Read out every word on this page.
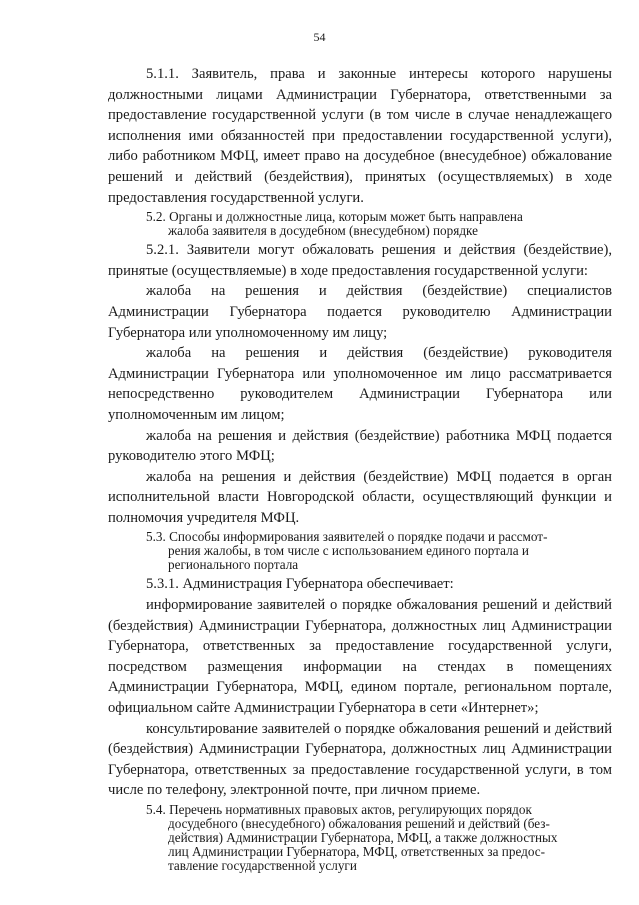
54

5.1.1. Заявитель, права и законные интересы которого нарушены должностными лицами Администрации Губернатора, ответственными за предоставление государственной услуги (в том числе в случае ненадлежащего исполнения ими обязанностей при предоставлении государственной услуги), либо работником МФЦ, имеет право на досудебное (внесудебное) обжалование решений и действий (бездействия), принятых (осуществляемых) в ходе предоставления государственной услуги.

5.2. Органы и должностные лица, которым может быть направлена
жалоба заявителя в досудебном (внесудебном) порядке

5.2.1. Заявители могут обжаловать решения и действия (бездействие), принятые (осуществляемые) в ходе предоставления государственной услуги:

жалоба на решения и действия (бездействие) специалистов Администрации Губернатора подается руководителю Администрации Губернатора или уполномоченному им лицу;

жалоба на решения и действия (бездействие) руководителя Администрации Губернатора или уполномоченное им лицо рассматривается непосредственно руководителем Администрации Губернатора или уполномоченным им лицом;

жалоба на решения и действия (бездействие) работника МФЦ подается руководителю этого МФЦ;

жалоба на решения и действия (бездействие) МФЦ подается в орган исполнительной власти Новгородской области, осуществляющий функции и полномочия учредителя МФЦ.

5.3. Способы информирования заявителей о порядке подачи и рассмот-
рения жалобы, в том числе с использованием единого портала и
регионального портала

5.3.1. Администрация Губернатора обеспечивает:

информирование заявителей о порядке обжалования решений и действий (бездействия) Администрации Губернатора, должностных лиц Администрации Губернатора, ответственных за предоставление государственной услуги, посредством размещения информации на стендах в помещениях Администрации Губернатора, МФЦ, едином портале, региональном портале, официальном сайте Администрации Губернатора в сети «Интернет»;

консультирование заявителей о порядке обжалования решений и действий (бездействия) Администрации Губернатора, должностных лиц Администрации Губернатора, ответственных за предоставление государственной услуги, в том числе по телефону, электронной почте, при личном приеме.

5.4. Перечень нормативных правовых актов, регулирующих порядок
досудебного (внесудебного) обжалования решений и действий (без-
действия) Администрации Губернатора, МФЦ, а также должностных
лиц Администрации Губернатора, МФЦ, ответственных за предос-
тавление государственной услуги
